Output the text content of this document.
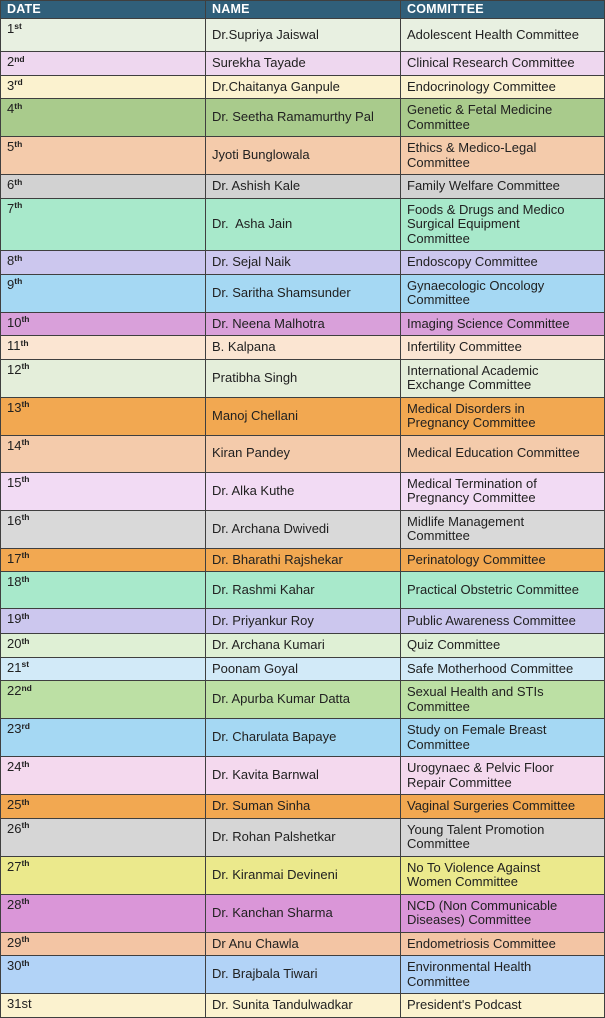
DATE	NAME	COMMITTEE
1st	Dr.Supriya Jaiswal	Adolescent Health Committee
2nd	Surekha Tayade	Clinical Research Committee
3rd	Dr.Chaitanya Ganpule	Endocrinology Committee
4th	Dr. Seetha Ramamurthy Pal	Genetic & Fetal Medicine Committee
5th	Jyoti Bunglowala	Ethics & Medico-Legal Committee
6th	Dr. Ashish Kale	Family Welfare Committee
7th	Dr.  Asha Jain	Foods & Drugs and Medico Surgical Equipment Committee
8th	Dr. Sejal Naik	Endoscopy Committee
9th	Dr. Saritha Shamsunder	Gynaecologic Oncology Committee
10th	Dr. Neena Malhotra	Imaging Science Committee
11th	B. Kalpana	Infertility Committee
12th	Pratibha Singh	International Academic Exchange Committee
13th	Manoj Chellani	Medical Disorders in Pregnancy Committee
14th	Kiran Pandey	Medical Education Committee
15th	Dr. Alka Kuthe	Medical Termination of Pregnancy Committee
16th	Dr. Archana Dwivedi	Midlife Management Committee
17th	Dr. Bharathi Rajshekar	Perinatology Committee
18th	Dr. Rashmi Kahar	Practical Obstetric Committee
19th	Dr. Priyankur Roy	Public Awareness Committee
20th	Dr. Archana Kumari	Quiz Committee
21st	Poonam Goyal	Safe Motherhood Committee
22nd	Dr. Apurba Kumar Datta	Sexual Health and STIs Committee
23rd	Dr. Charulata Bapaye	Study on Female Breast Committee
24th	Dr. Kavita Barnwal	Urogynaec & Pelvic Floor Repair Committee
25th	Dr. Suman Sinha	Vaginal Surgeries Committee
26th	Dr. Rohan Palshetkar	Young Talent Promotion Committee
27th	Dr. Kiranmai Devineni	No To Violence Against Women Committee
28th	Dr. Kanchan Sharma	NCD (Non Communicable Diseases) Committee
29th	Dr Anu Chawla	Endometriosis Committee
30th	Dr. Brajbala Tiwari	Environmental Health Committee
31st	Dr. Sunita Tandulwadkar	President's Podcast
